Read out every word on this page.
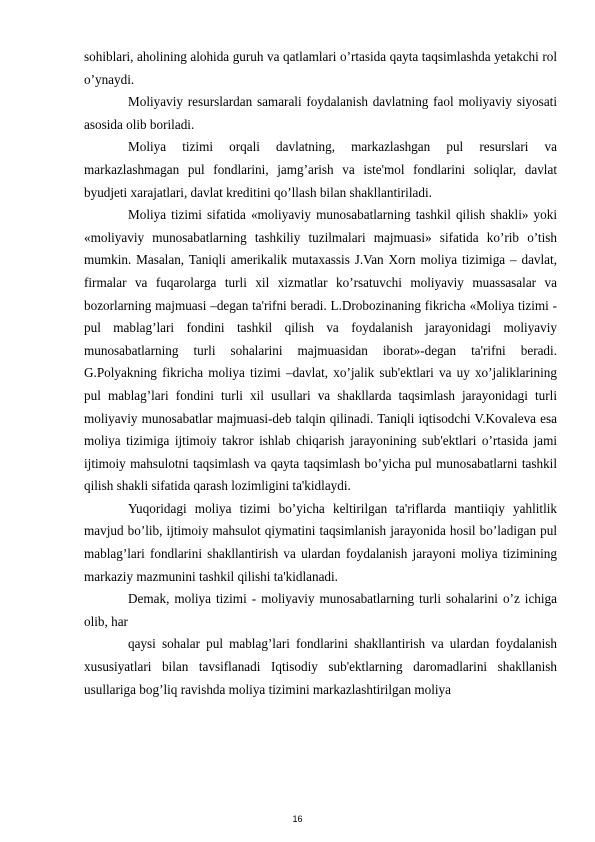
sohiblari, aholining alohida guruh va qatlamlari o’rtasida qayta taqsimlashda yetakchi rol o’ynaydi.

Moliyaviy resurslardan samarali foydalanish davlatning faol moliyaviy siyosati asosida olib boriladi.

Moliya tizimi orqali davlatning, markazlashgan pul resurslari va markazlashmagan pul fondlarini, jamg’arish va iste'mol fondlarini soliqlar, davlat byudjeti xarajatlari, davlat kreditini qo’llash bilan shakllantiriladi.

Moliya tizimi sifatida «moliyaviy munosabatlarning tashkil qilish shakli» yoki «moliyaviy munosabatlarning tashkiliy tuzilmalari majmuasi» sifatida ko’rib o’tish mumkin. Masalan, Taniqli amerikalik mutaxassis J.Van Xorn moliya tizimiga – davlat, firmalar va fuqarolarga turli xil xizmatlar ko’rsatuvchi moliyaviy muassasalar va bozorlarning majmuasi –degan ta'rifni beradi. L.Drobozinaning fikricha «Moliya tizimi - pul mablag’lari fondini tashkil qilish va foydalanish jarayonidagi moliyaviy munosabatlarning turli sohalarini majmuasidan iborat»-degan ta'rifni beradi. G.Polyakning fikricha moliya tizimi –davlat, xo’jalik sub'ektlari va uy xo’jaliklarining pul mablag’lari fondini turli xil usullari va shakllarda taqsimlash jarayonidagi turli moliyaviy munosabatlar majmuasi-deb talqin qilinadi. Taniqli iqtisodchi V.Kovaleva esa moliya tizimiga ijtimoiy takror ishlab chiqarish jarayonining sub'ektlari o’rtasida jami ijtimoiy mahsulotni taqsimlash va qayta taqsimlash bo’yicha pul munosabatlarni tashkil qilish shakli sifatida qarash lozimligini ta'kidlaydi.

Yuqoridagi moliya tizimi bo’yicha keltirilgan ta'riflarda mantiiqiy yahlitlik mavjud bo’lib, ijtimoiy mahsulot qiymatini taqsimlanish jarayonida hosil bo’ladigan pul mablag’lari fondlarini shakllantirish va ulardan foydalanish jarayoni moliya tizimining markaziy mazmunini tashkil qilishi ta'kidlanadi.

Demak, moliya tizimi - moliyaviy munosabatlarning turli sohalarini o’z ichiga olib, har

qaysi sohalar pul mablag’lari fondlarini shakllantirish va ulardan foydalanish xususiyatlari bilan tavsiflanadi Iqtisodiy sub'ektlarning daromadlarini shakllanish usullariga bog’liq ravishda moliya tizimini markazlashtirilgan moliya

16
